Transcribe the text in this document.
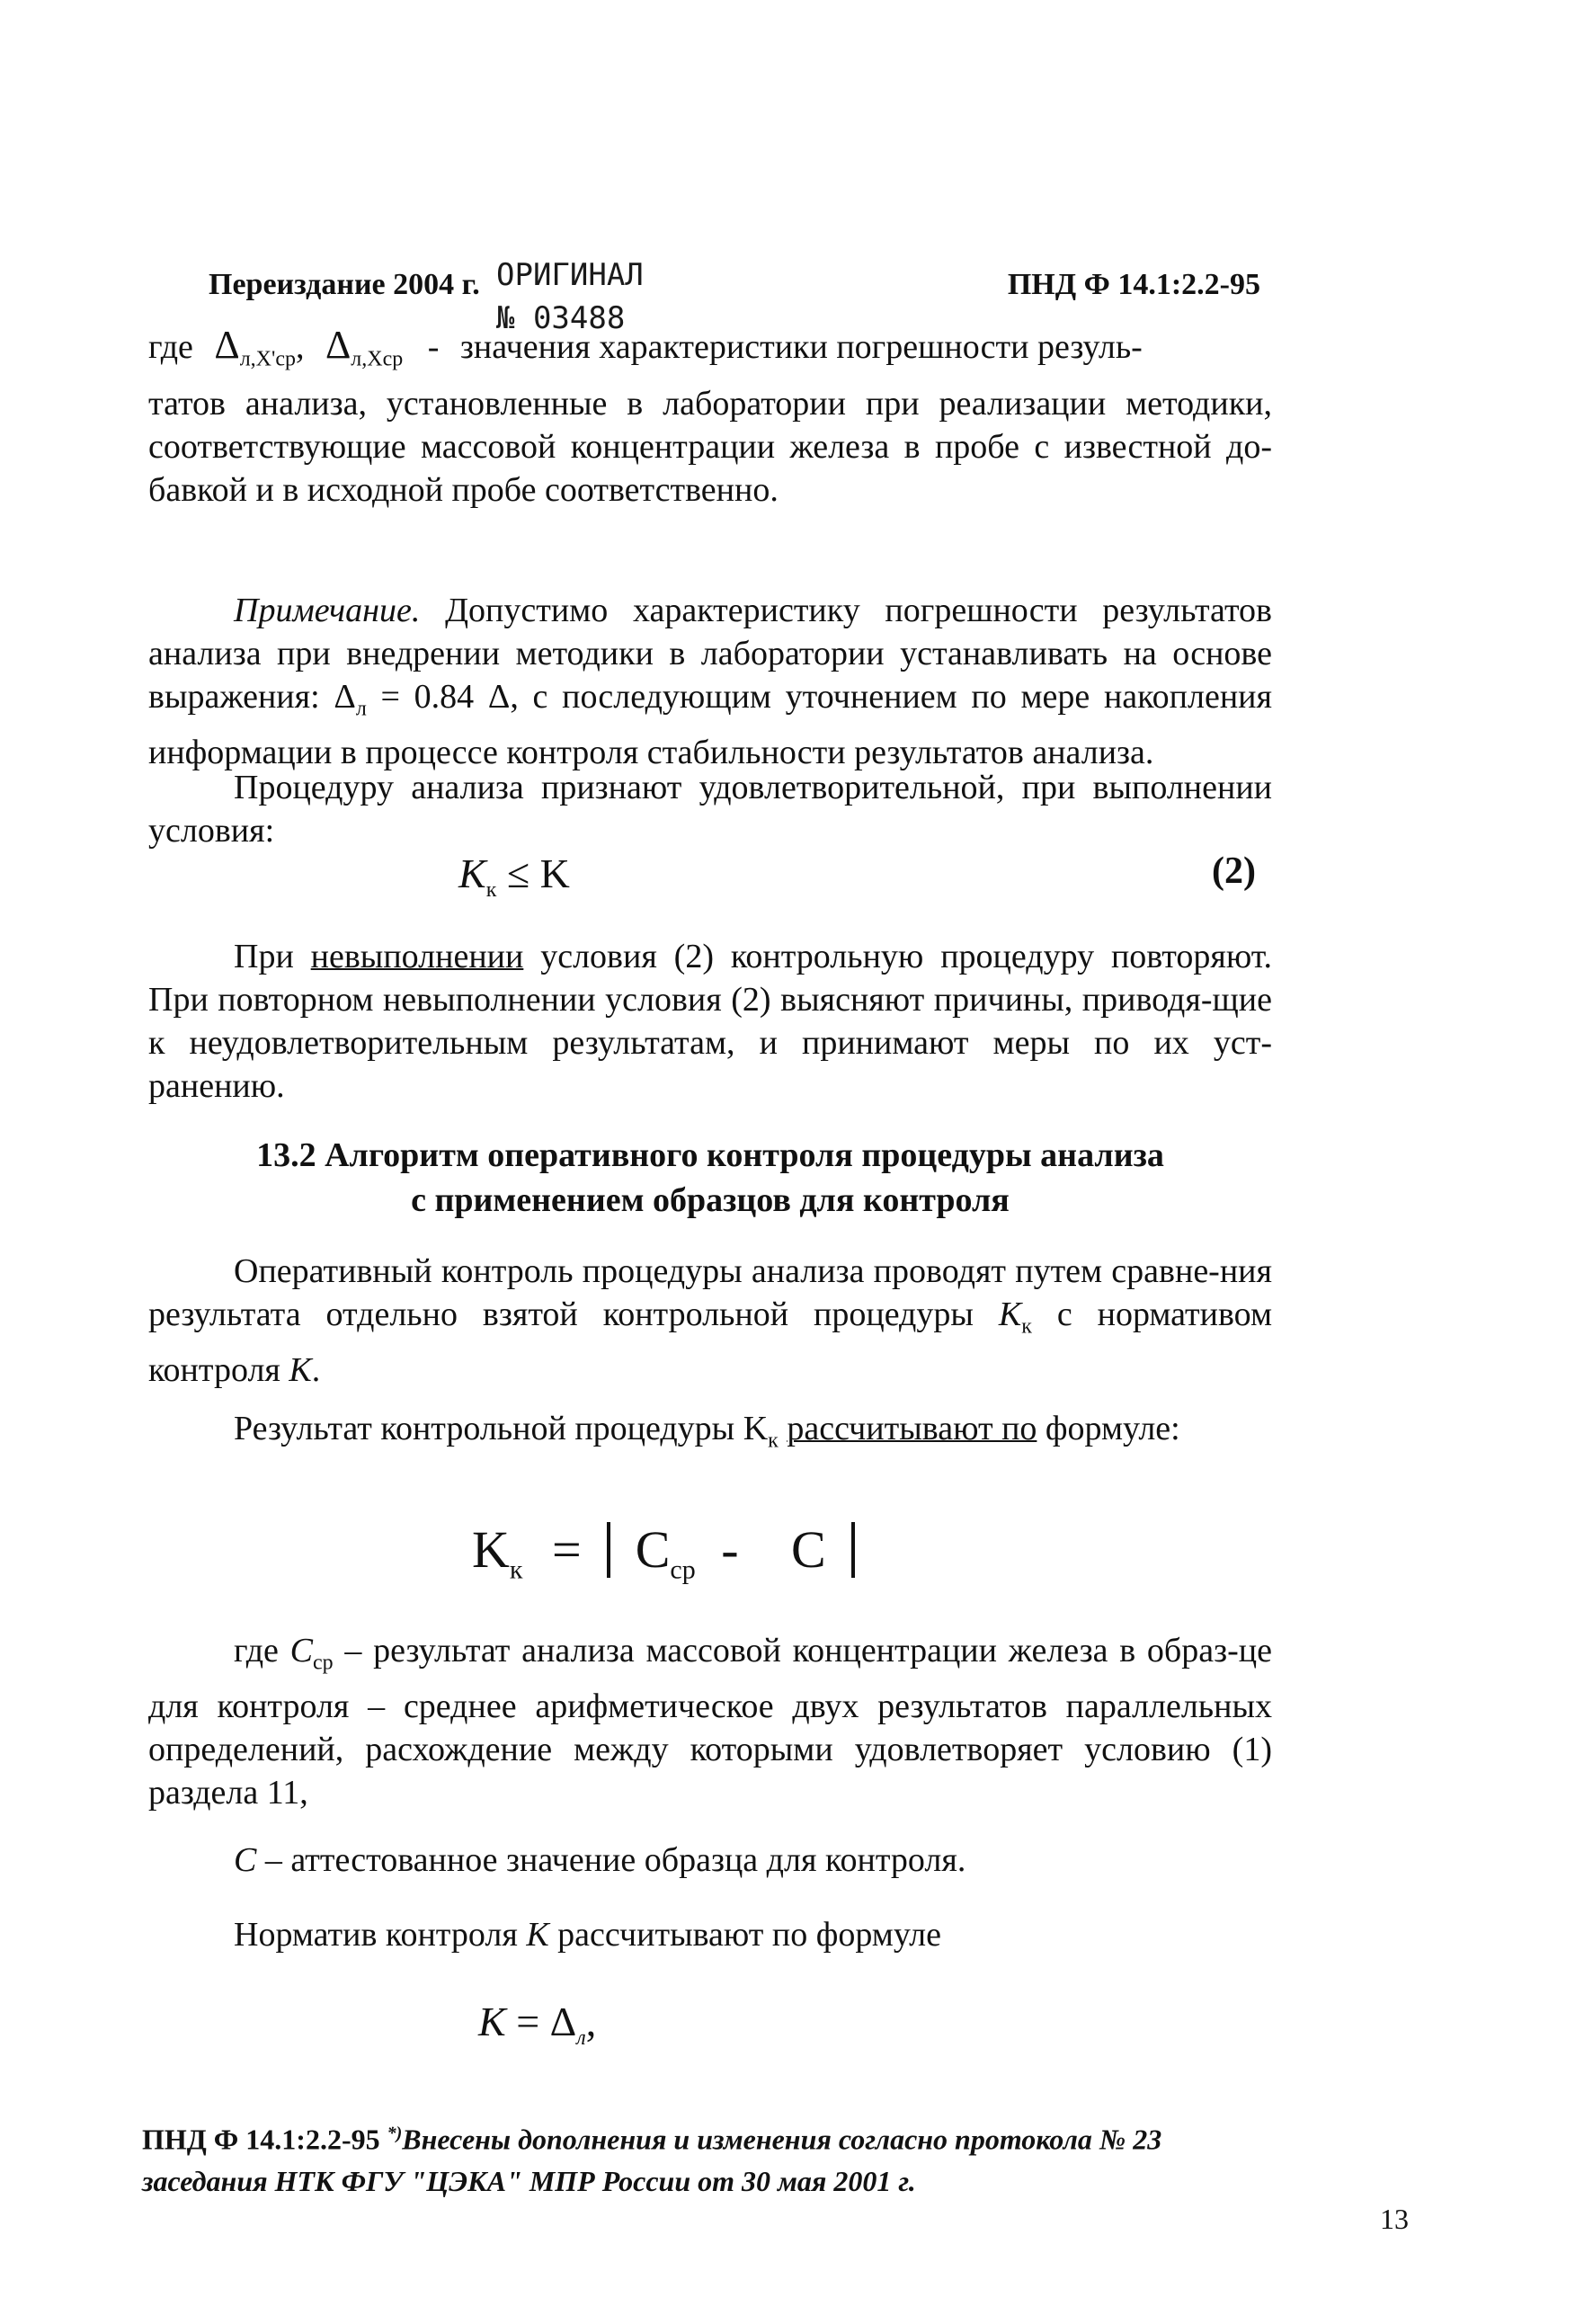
Переиздание 2004 г. ОРИГИНАЛ
№ 03488
ПНД Ф 14.1:2.2-95
где $\Delta_{л,X'ср}$, $\Delta_{л,Xср}$ - значения характеристики погрешности резуль-

татов анализа, установленные в лаборатории при реализации методики, соответствующие массовой концентрации железа в пробе с известной до-бавкой и в исходной пробе соответственно.

Примечание. Допустимо характеристику погрешности результатов анализа при внедрении методики в лаборатории устанавливать на основе выражения: $\Delta_л = 0.84$ Δ, с последующим уточнением по мере накопления информации в процессе контроля стабильности результатов анализа.

Процедуру анализа признают удовлетворительной, при выполнении условия:

$K_к \le K$	(2)

При невыполнении условия (2) контрольную процедуру повторяют. При повторном невыполнении условия (2) выясняют причины, приводя-щие к неудовлетворительным результатам, и принимают меры по их уст-ранению.

13.2 Алгоритм оперативного контроля процедуры анализа
с применением образцов для контроля

Оперативный контроль процедуры анализа проводят путем сравне-ния результата отдельно взятой контрольной процедуры $K_к$ с нормативом контроля K.

Результат контрольной процедуры $K_к$ рассчитывают по формуле:

$K_к = C_{ср} - C$

где $C_{ср}$ – результат анализа массовой концентрации железа в образ-це для контроля – среднее арифметическое двух результатов параллельных определений, расхождение между которыми удовлетворяет условию (1) раздела 11,

C – аттестованное значение образца для контроля.

Норматив контроля K рассчитывают по формуле

$K = \Delta_л$,
ПНД Ф 14.1:2.2-95 *)Внесены дополнения и изменения согласно протокола № 23
заседания НТК ФГУ "ЦЭКА" МПР России от 30 мая 2001 г.
13
